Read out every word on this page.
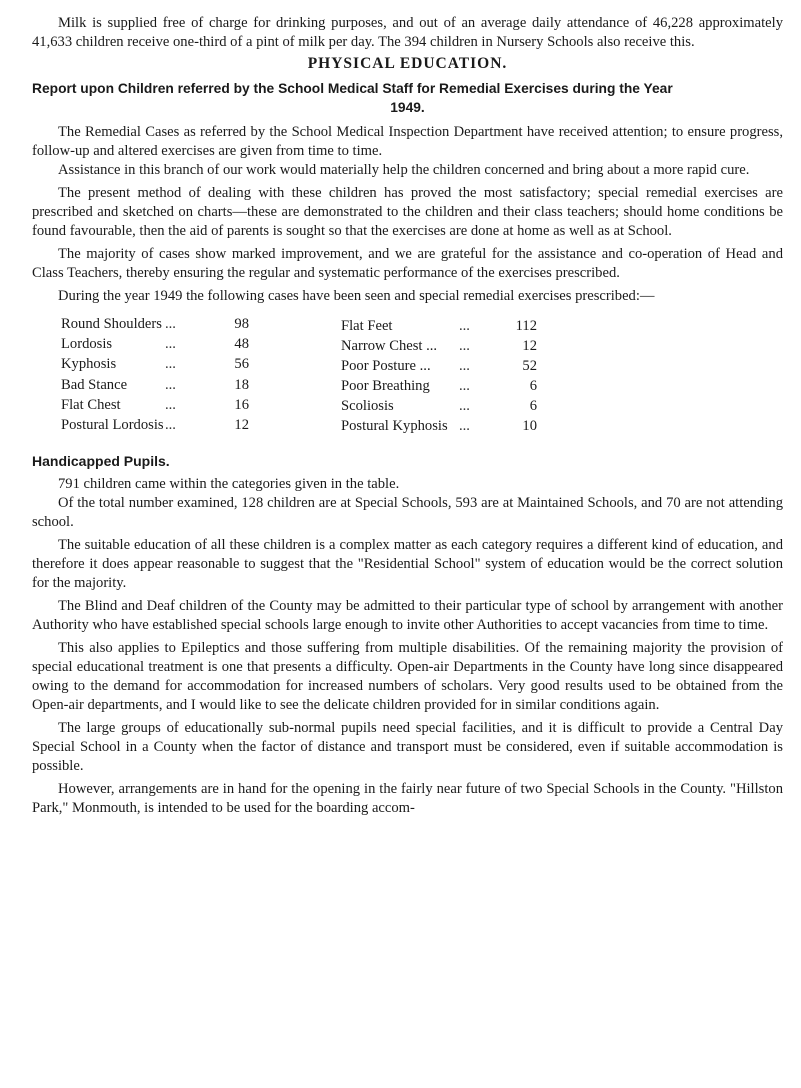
Milk is supplied free of charge for drinking purposes, and out of an average daily attendance of 46,228 approximately 41,633 children receive one-third of a pint of milk per day. The 394 children in Nursery Schools also receive this.

PHYSICAL EDUCATION.

Report upon Children referred by the School Medical Staff for Remedial Exercises during the Year

1949.

The Remedial Cases as referred by the School Medical Inspection Department have received attention; to ensure progress, follow-up and altered exercises are given from time to time.

Assistance in this branch of our work would materially help the children concerned and bring about a more rapid cure.

The present method of dealing with these children has proved the most satisfactory; special remedial exercises are prescribed and sketched on charts—these are demonstrated to the children and their class teachers; should home conditions be found favourable, then the aid of parents is sought so that the exercises are done at home as well as at School.

The majority of cases show marked improvement, and we are grateful for the assistance and co-operation of Head and Class Teachers, thereby ensuring the regular and systematic performance of the exercises prescribed.

During the year 1949 the following cases have been seen and special remedial exercises prescribed:—

Round Shoulders	...	98
Lordosis	...	48
Kyphosis	...	56
Bad Stance	...	18
Flat Chest	...	16
Postural Lordosis	...	12
Flat Feet	...	112
Narrow Chest ...	...	12
Poor Posture ...	...	52
Poor Breathing	...	6
Scoliosis	...	6
Postural Kyphosis	...	10
Handicapped Pupils.

791 children came within the categories given in the table.

Of the total number examined, 128 children are at Special Schools, 593 are at Maintained Schools, and 70 are not attending school.

The suitable education of all these children is a complex matter as each category requires a different kind of education, and therefore it does appear reasonable to suggest that the "Residential School" system of education would be the correct solution for the majority.

The Blind and Deaf children of the County may be admitted to their particular type of school by arrangement with another Authority who have established special schools large enough to invite other Authorities to accept vacancies from time to time.

This also applies to Epileptics and those suffering from multiple disabilities. Of the remaining majority the provision of special educational treatment is one that presents a difficulty. Open-air Departments in the County have long since disappeared owing to the demand for accommodation for increased numbers of scholars. Very good results used to be obtained from the Open-air departments, and I would like to see the delicate children provided for in similar conditions again.

The large groups of educationally sub-normal pupils need special facilities, and it is difficult to provide a Central Day Special School in a County when the factor of distance and transport must be considered, even if suitable accommodation is possible.

However, arrangements are in hand for the opening in the fairly near future of two Special Schools in the County. "Hillston Park," Monmouth, is intended to be used for the boarding accom-
